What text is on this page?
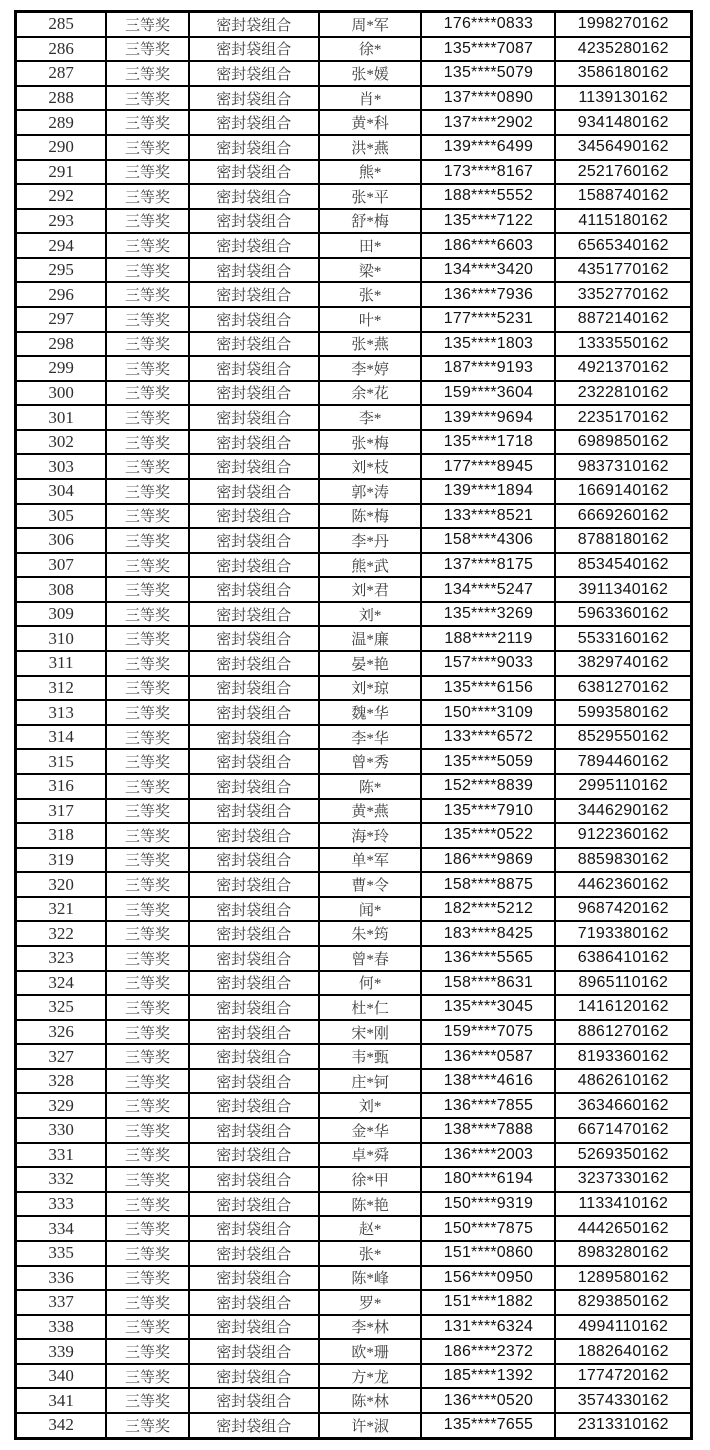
285	三等奖	密封袋组合	周*军	176****0833	1998270162
286	三等奖	密封袋组合	徐*	135****7087	4235280162
287	三等奖	密封袋组合	张*媛	135****5079	3586180162
288	三等奖	密封袋组合	肖*	137****0890	1139130162
289	三等奖	密封袋组合	黄*科	137****2902	9341480162
290	三等奖	密封袋组合	洪*燕	139****6499	3456490162
291	三等奖	密封袋组合	熊*	173****8167	2521760162
292	三等奖	密封袋组合	张*平	188****5552	1588740162
293	三等奖	密封袋组合	舒*梅	135****7122	4115180162
294	三等奖	密封袋组合	田*	186****6603	6565340162
295	三等奖	密封袋组合	梁*	134****3420	4351770162
296	三等奖	密封袋组合	张*	136****7936	3352770162
297	三等奖	密封袋组合	叶*	177****5231	8872140162
298	三等奖	密封袋组合	张*燕	135****1803	1333550162
299	三等奖	密封袋组合	李*婷	187****9193	4921370162
300	三等奖	密封袋组合	余*花	159****3604	2322810162
301	三等奖	密封袋组合	李*	139****9694	2235170162
302	三等奖	密封袋组合	张*梅	135****1718	6989850162
303	三等奖	密封袋组合	刘*枝	177****8945	9837310162
304	三等奖	密封袋组合	郭*涛	139****1894	1669140162
305	三等奖	密封袋组合	陈*梅	133****8521	6669260162
306	三等奖	密封袋组合	李*丹	158****4306	8788180162
307	三等奖	密封袋组合	熊*武	137****8175	8534540162
308	三等奖	密封袋组合	刘*君	134****5247	3911340162
309	三等奖	密封袋组合	刘*	135****3269	5963360162
310	三等奖	密封袋组合	温*廉	188****2119	5533160162
311	三等奖	密封袋组合	晏*艳	157****9033	3829740162
312	三等奖	密封袋组合	刘*琼	135****6156	6381270162
313	三等奖	密封袋组合	魏*华	150****3109	5993580162
314	三等奖	密封袋组合	李*华	133****6572	8529550162
315	三等奖	密封袋组合	曾*秀	135****5059	7894460162
316	三等奖	密封袋组合	陈*	152****8839	2995110162
317	三等奖	密封袋组合	黄*燕	135****7910	3446290162
318	三等奖	密封袋组合	海*玲	135****0522	9122360162
319	三等奖	密封袋组合	单*军	186****9869	8859830162
320	三等奖	密封袋组合	曹*令	158****8875	4462360162
321	三等奖	密封袋组合	闻*	182****5212	9687420162
322	三等奖	密封袋组合	朱*筠	183****8425	7193380162
323	三等奖	密封袋组合	曾*春	136****5565	6386410162
324	三等奖	密封袋组合	何*	158****8631	8965110162
325	三等奖	密封袋组合	杜*仁	135****3045	1416120162
326	三等奖	密封袋组合	宋*刚	159****7075	8861270162
327	三等奖	密封袋组合	韦*甄	136****0587	8193360162
328	三等奖	密封袋组合	庄*钶	138****4616	4862610162
329	三等奖	密封袋组合	刘*	136****7855	3634660162
330	三等奖	密封袋组合	金*华	138****7888	6671470162
331	三等奖	密封袋组合	卓*舜	136****2003	5269350162
332	三等奖	密封袋组合	徐*甲	180****6194	3237330162
333	三等奖	密封袋组合	陈*艳	150****9319	1133410162
334	三等奖	密封袋组合	赵*	150****7875	4442650162
335	三等奖	密封袋组合	张*	151****0860	8983280162
336	三等奖	密封袋组合	陈*峰	156****0950	1289580162
337	三等奖	密封袋组合	罗*	151****1882	8293850162
338	三等奖	密封袋组合	李*林	131****6324	4994110162
339	三等奖	密封袋组合	欧*珊	186****2372	1882640162
340	三等奖	密封袋组合	方*龙	185****1392	1774720162
341	三等奖	密封袋组合	陈*林	136****0520	3574330162
342	三等奖	密封袋组合	许*淑	135****7655	2313310162
